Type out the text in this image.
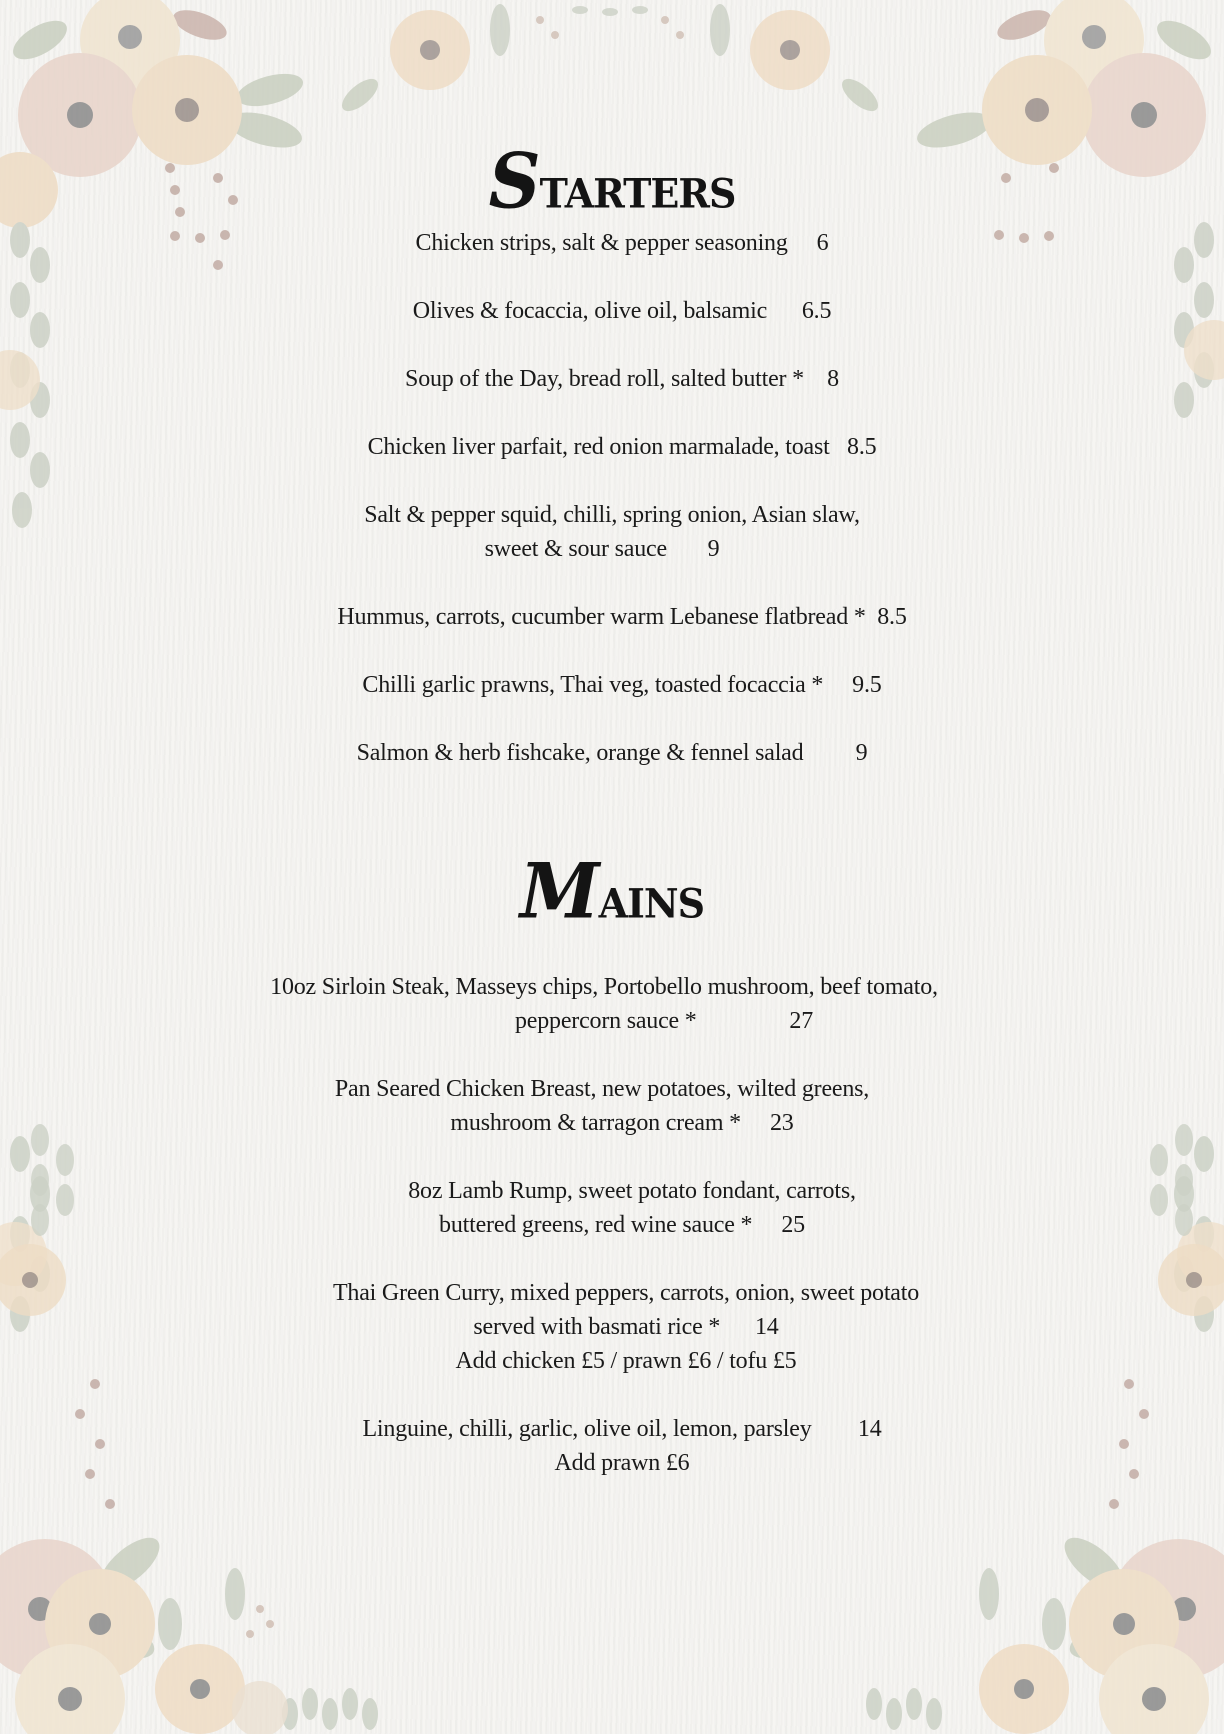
Starters
Chicken strips, salt & pepper seasoning 6
Olives & focaccia, olive oil, balsamic 6.5
Soup of the Day, bread roll, salted butter * 8
Chicken liver parfait, red onion marmalade, toast 8.5
Salt & pepper squid, chilli, spring onion, Asian slaw,
sweet & sour sauce 9
Hummus, carrots, cucumber warm Lebanese flatbread * 8.5
Chilli garlic prawns, Thai veg, toasted focaccia * 9.5
Salmon & herb fishcake, orange & fennel salad 9
Mains
10oz Sirloin Steak, Masseys chips, Portobello mushroom, beef tomato,
peppercorn sauce *	27
Pan Seared Chicken Breast, new potatoes, wilted greens,
mushroom & tarragon cream * 23
8oz Lamb Rump, sweet potato fondant, carrots,
buttered greens, red wine sauce * 25
Thai Green Curry, mixed peppers, carrots, onion, sweet potato
served with basmati rice * 14
Add chicken £5 / prawn £6 / tofu £5
Linguine, chilli, garlic, olive oil, lemon, parsley 14
Add prawn £6
